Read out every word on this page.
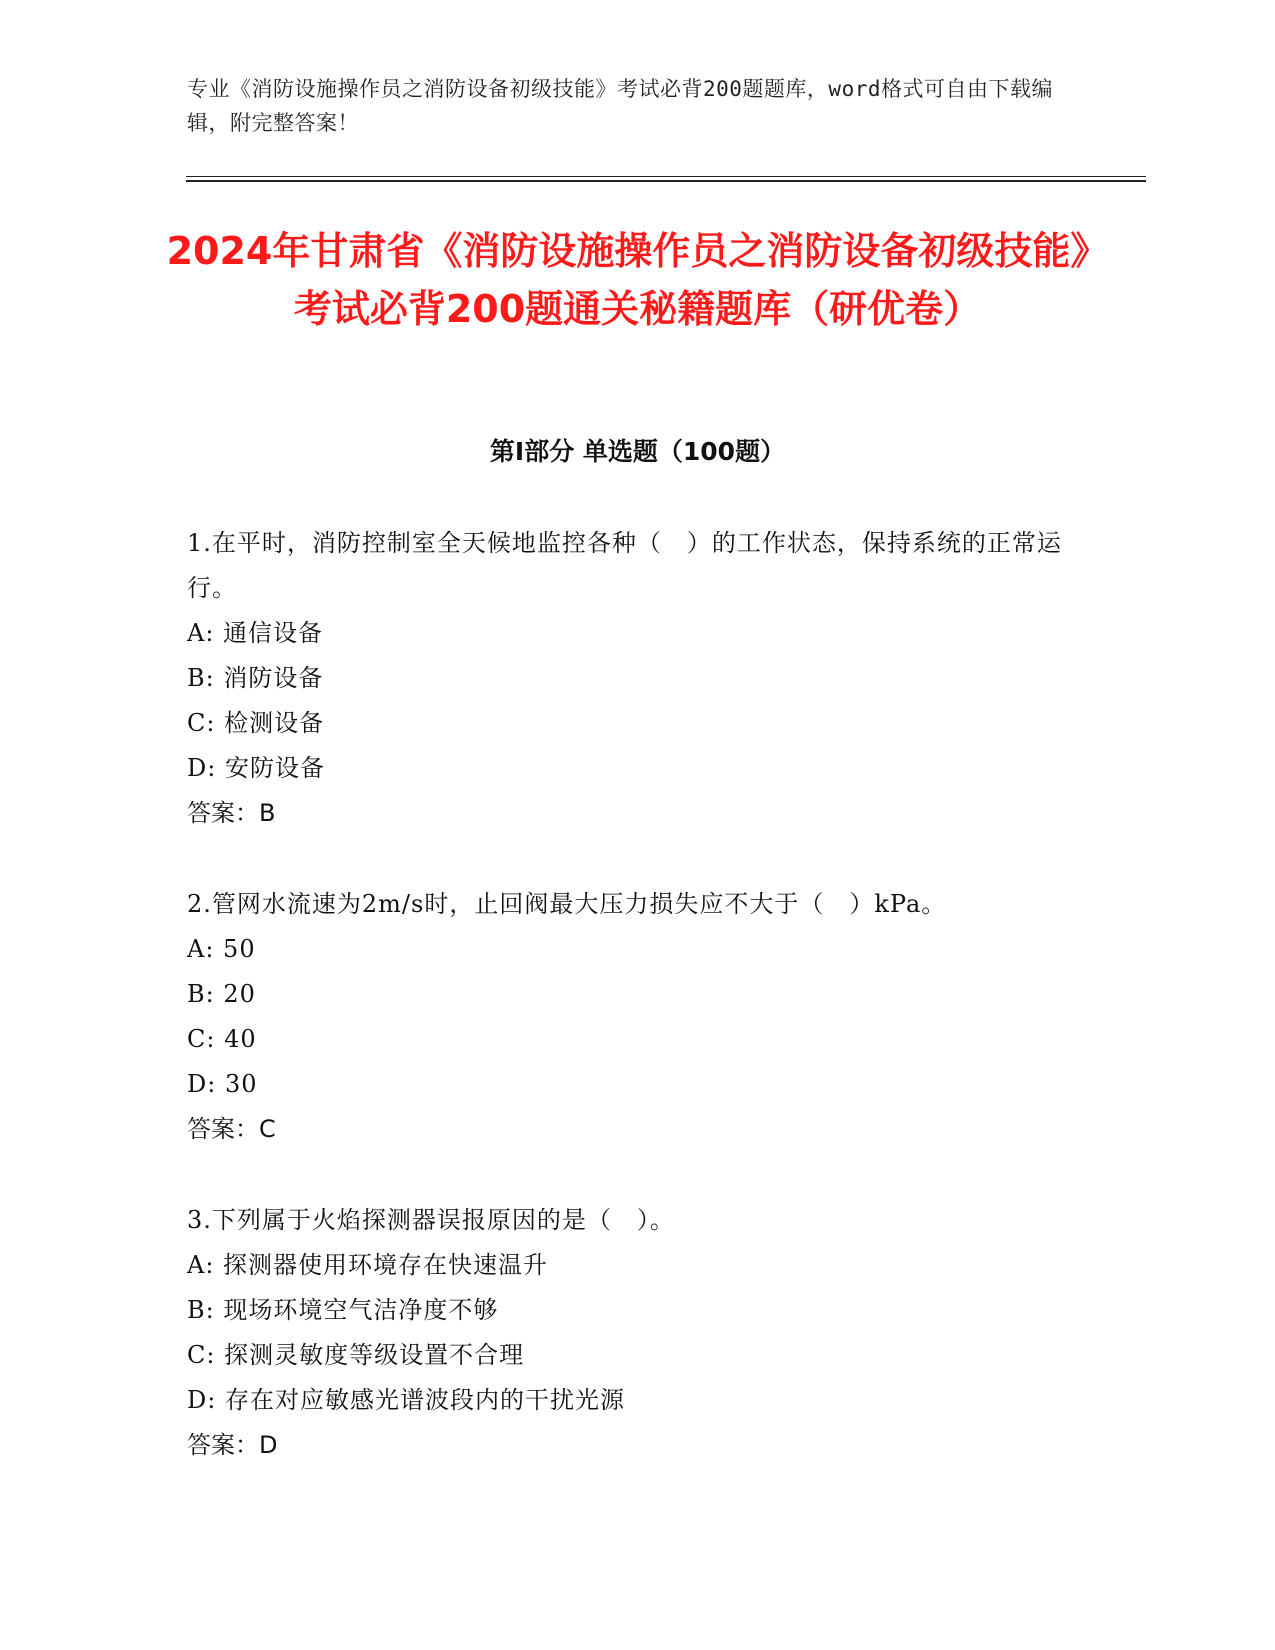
专业《消防设施操作员之消防设备初级技能》考试必背200题题库，word格式可自由下载编辑，附完整答案！
2024年甘肃省《消防设施操作员之消防设备初级技能》考试必背200题通关秘籍题库（研优卷）
第I部分 单选题（100题）

1.在平时，消防控制室全天候地监控各种（　）的工作状态，保持系统的正常运行。

A: 通信设备

B: 消防设备

C: 检测设备

D: 安防设备

答案：B

2.管网水流速为2m/s时，止回阀最大压力损失应不大于（　）kPa。

A: 50

B: 20

C: 40

D: 30

答案：C

3.下列属于火焰探测器误报原因的是（　）。

A: 探测器使用环境存在快速温升

B: 现场环境空气洁净度不够

C: 探测灵敏度等级设置不合理

D: 存在对应敏感光谱波段内的干扰光源

答案：D
